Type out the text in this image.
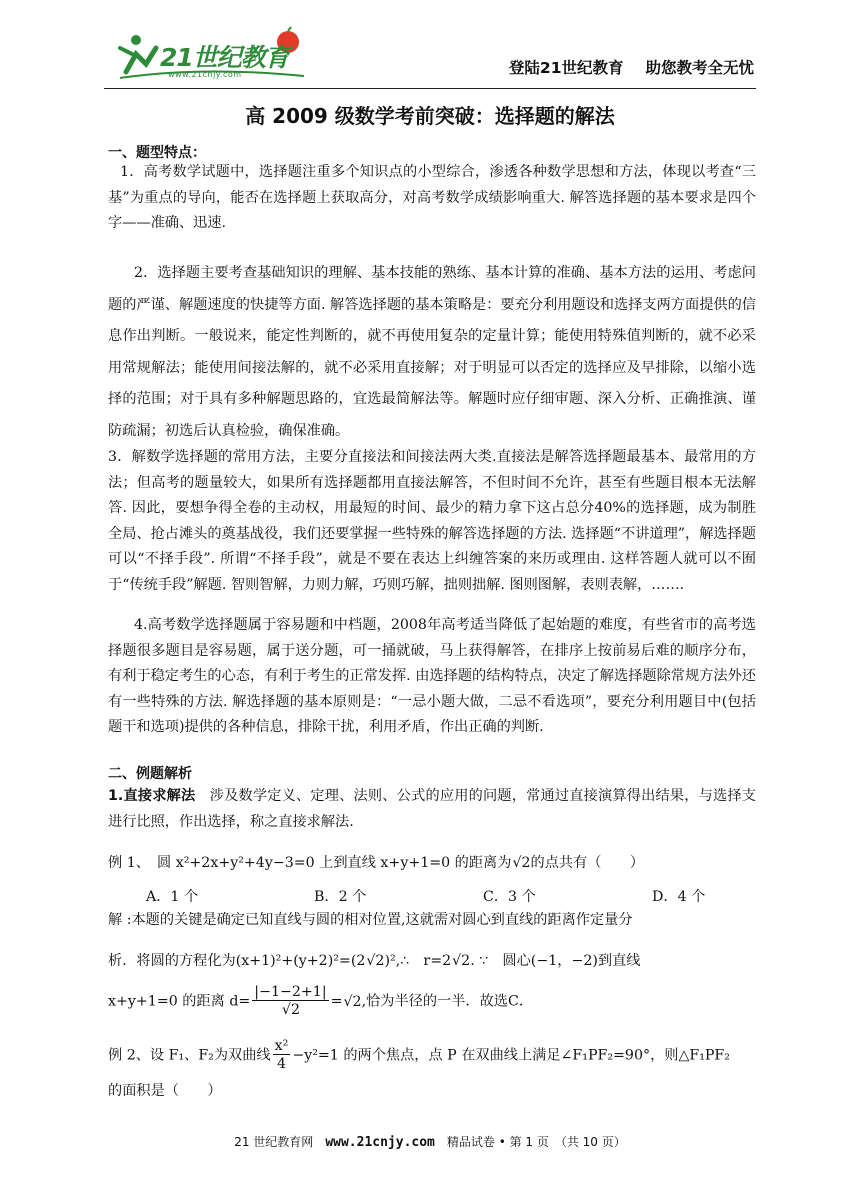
21世纪教育
www.21cnjy.com	登陆21世纪教育 助您教考全无忧
高 2009 级数学考前突破：选择题的解法
一、题型特点：
1．高考数学试题中，选择题注重多个知识点的小型综合，渗透各种数学思想和方法，体现以考查“三基”为重点的导向，能否在选择题上获取高分，对高考数学成绩影响重大. 解答选择题的基本要求是四个字——准确、迅速.
2．选择题主要考查基础知识的理解、基本技能的熟练、基本计算的准确、基本方法的运用、考虑问题的严谨、解题速度的快捷等方面. 解答选择题的基本策略是：要充分利用题设和选择支两方面提供的信息作出判断。一般说来，能定性判断的，就不再使用复杂的定量计算；能使用特殊值判断的，就不必采用常规解法；能使用间接法解的，就不必采用直接解；对于明显可以否定的选择应及早排除，以缩小选择的范围；对于具有多种解题思路的，宜选最简解法等。解题时应仔细审题、深入分析、正确推演、谨防疏漏；初选后认真检验，确保准确。
3．解数学选择题的常用方法，主要分直接法和间接法两大类.直接法是解答选择题最基本、最常用的方法；但高考的题量较大，如果所有选择题都用直接法解答，不但时间不允许，甚至有些题目根本无法解答. 因此，要想争得全卷的主动权，用最短的时间、最少的精力拿下这占总分40%的选择题，成为制胜全局、抢占滩头的奠基战役，我们还要掌握一些特殊的解答选择题的方法. 选择题“不讲道理”，解选择题可以“不择手段”. 所谓“不择手段”，就是不要在表达上纠缠答案的来历或理由. 这样答题人就可以不囿于“传统手段”解题. 智则智解，力则力解，巧则巧解，拙则拙解. 图则图解，表则表解，…….
4.高考数学选择题属于容易题和中档题，2008年高考适当降低了起始题的难度，有些省市的高考选择题很多题目是容易题，属于送分题，可一捅就破，马上获得解答，在排序上按前易后难的顺序分布，有利于稳定考生的心态，有利于考生的正常发挥. 由选择题的结构特点，决定了解选择题除常规方法外还有一些特殊的方法. 解选择题的基本原则是：“一忌小题大做，二忌不看选项”，要充分利用题目中(包括题干和选项)提供的各种信息，排除干扰，利用矛盾，作出正确的判断.
二、例题解析
1.直接求解法　 涉及数学定义、定理、法则、公式的应用的问题，常通过直接演算得出结果，与选择支进行比照，作出选择，称之直接求解法.
例 1、　 圆 x²+2x+y²+4y−3=0 上到直线 x+y+1=0 的距离为√2的点共有（　　）
A．1 个	B．2 个	C．3 个	D．4 个
解 :本题的关键是确定已知直线与圆的相对位置,这就需对圆心到直线的距离作定量分
析．将圆的方程化为(x+1)²+(y+2)²=(2√2)²,∴　r=2√2. ∵　圆心(−1，−2)到直线
x+y+1=0 的距离 $d= \frac{|-1-2+1|}{√2} =√2$,恰为半径的一半．故选C．
例 2、设 F₁、F₂为双曲线 $\frac{\text{x²}}{4} -y^2=1$ 的两个焦点，点 P 在双曲线上满足∠F₁PF₂=90°，则△F₁PF₂
的面积是（　　）
21 世纪教育网 www.21cnjy.com 精品试卷 • 第 1 页　（共 10 页）
